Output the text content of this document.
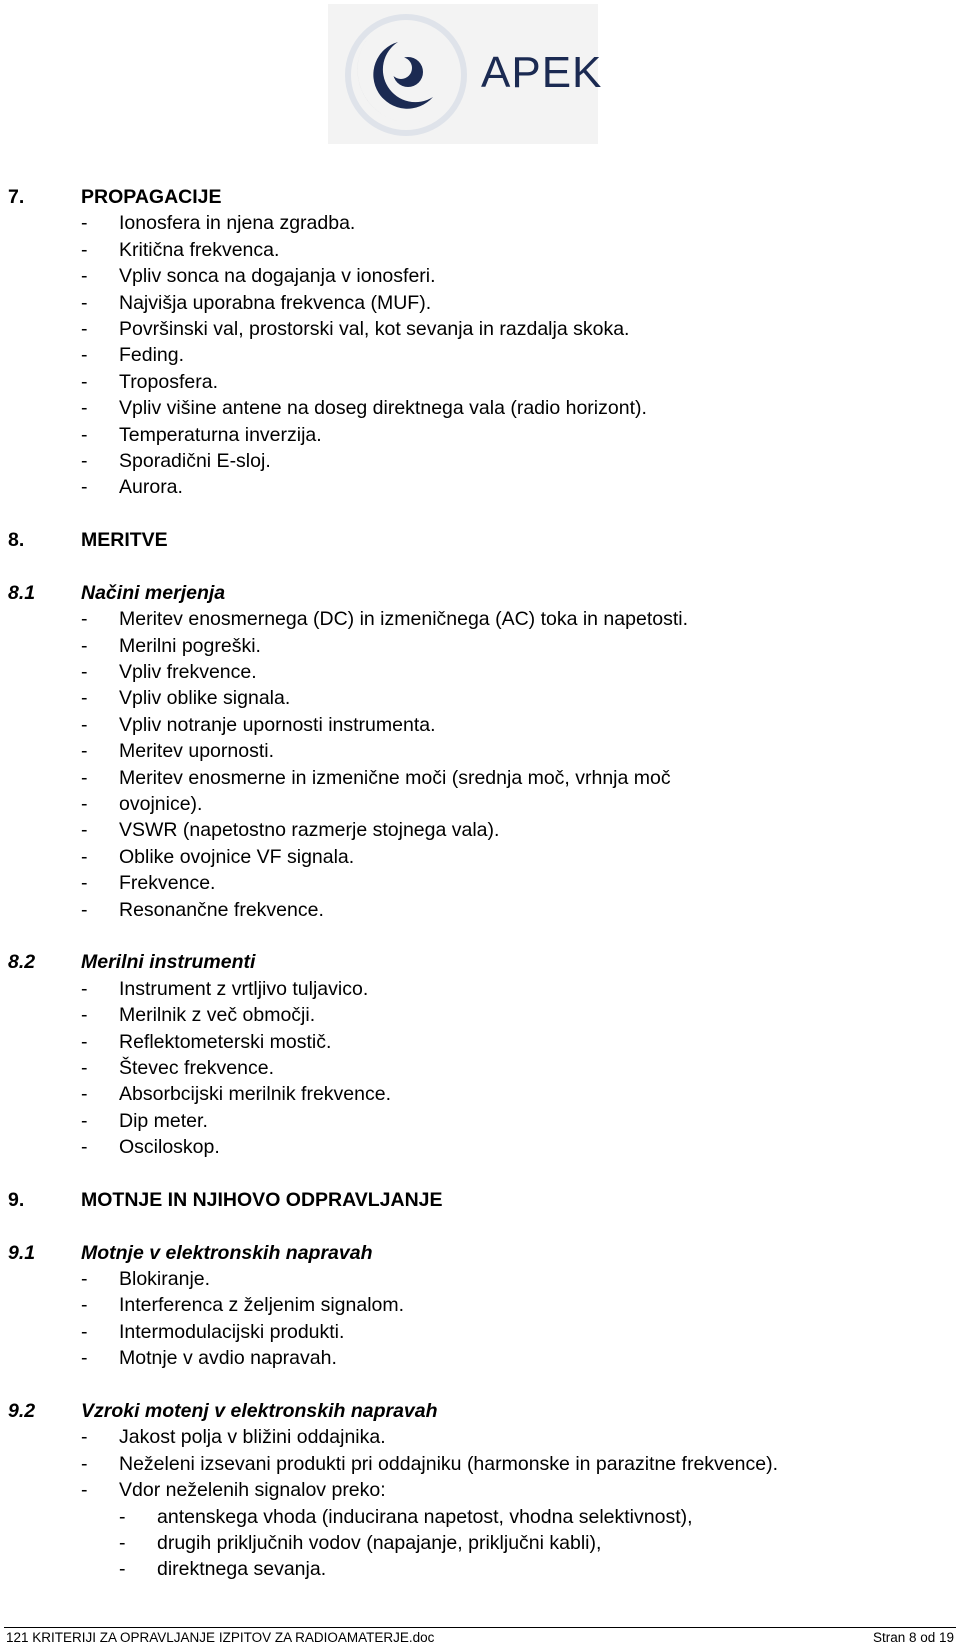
APEK
7.	PROPAGACIJE
- Ionosfera in njena zgradba.
- Kritična frekvenca.
- Vpliv sonca na dogajanja v ionosferi.
- Najvišja uporabna frekvenca (MUF).
- Površinski val, prostorski val, kot sevanja in razdalja skoka.
- Feding.
- Troposfera.
- Vpliv višine antene na doseg direktnega vala (radio horizont).
- Temperaturna inverzija.
- Sporadični E-sloj.
- Aurora.
8.	MERITVE
8.1 Načini merjenja
- Meritev enosmernega (DC) in izmeničnega (AC) toka in napetosti.
- Merilni pogreški.
- Vpliv frekvence.
- Vpliv oblike signala.
- Vpliv notranje upornosti instrumenta.
- Meritev upornosti.
- Meritev enosmerne in izmenične moči (srednja moč, vrhnja moč
- ovojnice).
- VSWR (napetostno razmerje stojnega vala).
- Oblike ovojnice VF signala.
- Frekvence.
- Resonančne frekvence.
8.2 Merilni instrumenti
- Instrument z vrtljivo tuljavico.
- Merilnik z več območji.
- Reflektometerski mostič.
- Števec frekvence.
- Absorbcijski merilnik frekvence.
- Dip meter.
- Osciloskop.
9.	MOTNJE IN NJIHOVO ODPRAVLJANJE
9.1 Motnje v elektronskih napravah
- Blokiranje.
- Interferenca z željenim signalom.
- Intermodulacijski produkti.
- Motnje v avdio napravah.
9.2 Vzroki motenj v elektronskih napravah
- Jakost polja v bližini oddajnika.
- Neželeni izsevani produkti pri oddajniku (harmonske in parazitne frekvence).
- Vdor neželenih signalov preko:
- antenskega vhoda (inducirana napetost, vhodna selektivnost),
- drugih priključnih vodov (napajanje, priključni kabli),
- direktnega sevanja.
121 KRITERIJI ZA OPRAVLJANJE IZPITOV ZA RADIOAMATERJE.doc	Stran 8 od 19
